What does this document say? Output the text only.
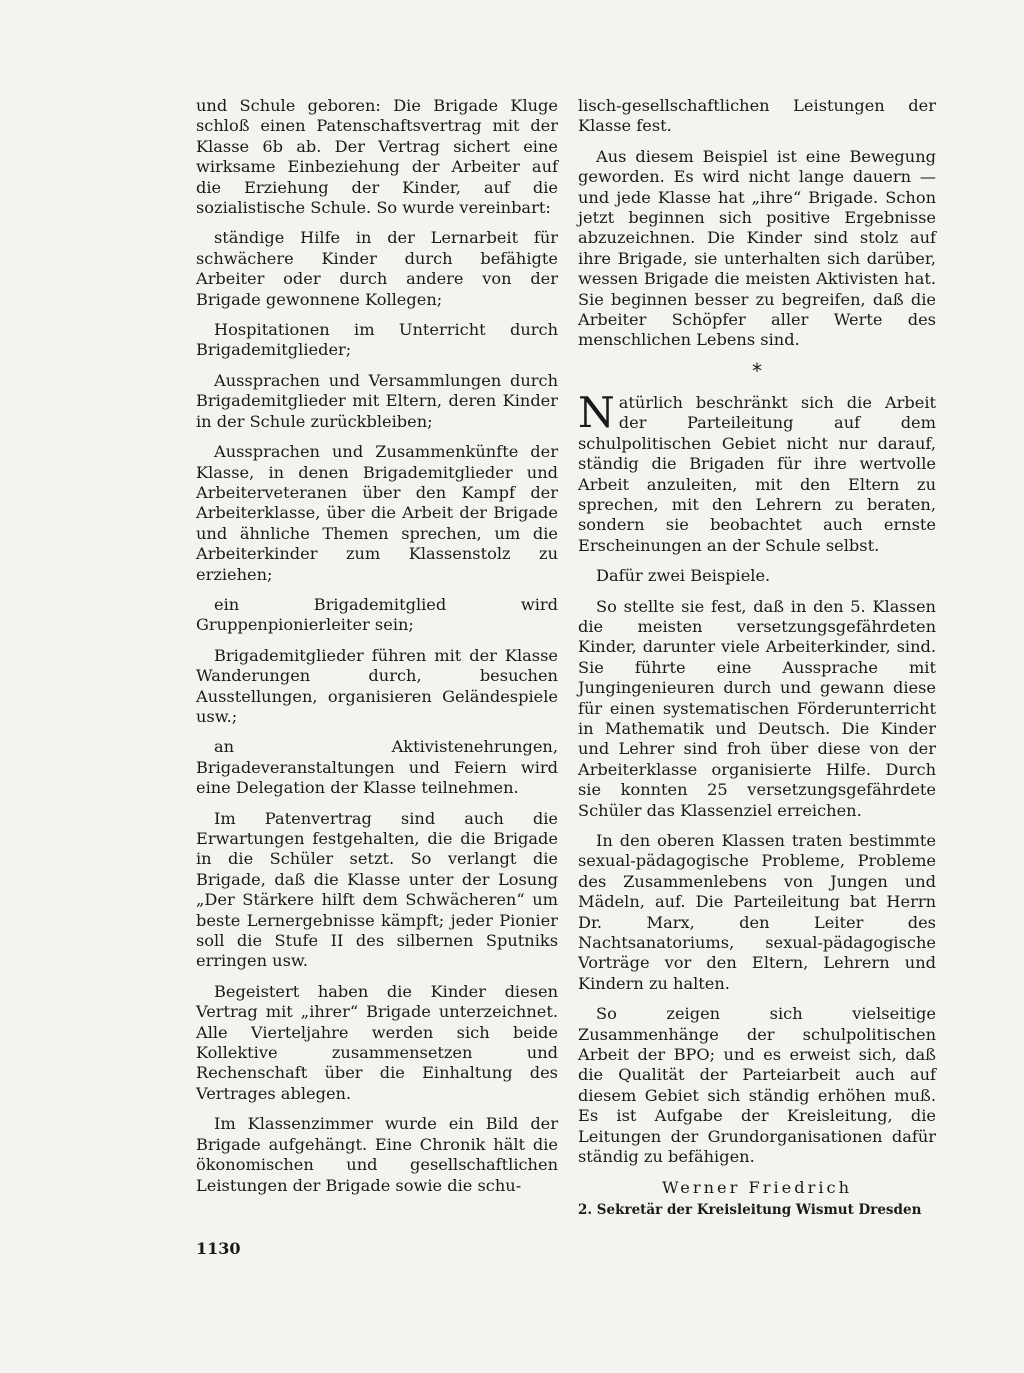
und Schule geboren: Die Brigade Kluge schloß einen Patenschaftsvertrag mit der Klasse 6b ab. Der Vertrag sichert eine wirksame Einbeziehung der Arbeiter auf die Erziehung der Kinder, auf die sozialistische Schule. So wurde vereinbart:

ständige Hilfe in der Lernarbeit für schwächere Kinder durch befähigte Arbeiter oder durch andere von der Brigade gewonnene Kollegen;

Hospitationen im Unterricht durch Brigademitglieder;

Aussprachen und Versammlungen durch Brigademitglieder mit Eltern, deren Kinder in der Schule zurückbleiben;

Aussprachen und Zusammenkünfte der Klasse, in denen Brigademitglieder und Arbeiterveteranen über den Kampf der Arbeiterklasse, über die Arbeit der Brigade und ähnliche Themen sprechen, um die Arbeiterkinder zum Klassenstolz zu erziehen;

ein Brigademitglied wird Gruppenpionierleiter sein;

Brigademitglieder führen mit der Klasse Wanderungen durch, besuchen Ausstellungen, organisieren Geländespiele usw.;

an Aktivistenehrungen, Brigadeveranstaltungen und Feiern wird eine Delegation der Klasse teilnehmen.

Im Patenvertrag sind auch die Erwartungen festgehalten, die die Brigade in die Schüler setzt. So verlangt die Brigade, daß die Klasse unter der Losung „Der Stärkere hilft dem Schwächeren“ um beste Lernergebnisse kämpft; jeder Pionier soll die Stufe II des silbernen Sputniks erringen usw.

Begeistert haben die Kinder diesen Vertrag mit „ihrer“ Brigade unterzeichnet. Alle Vierteljahre werden sich beide Kollektive zusammensetzen und Rechenschaft über die Einhaltung des Vertrages ablegen.

Im Klassenzimmer wurde ein Bild der Brigade aufgehängt. Eine Chronik hält die ökonomischen und gesellschaftlichen Leistungen der Brigade sowie die schu-

lisch-gesellschaftlichen Leistungen der Klasse fest.

Aus diesem Beispiel ist eine Bewegung geworden. Es wird nicht lange dauern — und jede Klasse hat „ihre“ Brigade. Schon jetzt beginnen sich positive Ergebnisse abzuzeichnen. Die Kinder sind stolz auf ihre Brigade, sie unterhalten sich darüber, wessen Brigade die meisten Aktivisten hat. Sie beginnen besser zu begreifen, daß die Arbeiter Schöpfer aller Werte des menschlichen Lebens sind.

*

Natürlich beschränkt sich die Arbeit der Parteileitung auf dem schulpolitischen Gebiet nicht nur darauf, ständig die Brigaden für ihre wertvolle Arbeit anzuleiten, mit den Eltern zu sprechen, mit den Lehrern zu beraten, sondern sie beobachtet auch ernste Erscheinungen an der Schule selbst.

Dafür zwei Beispiele.

So stellte sie fest, daß in den 5. Klassen die meisten versetzungsgefährdeten Kinder, darunter viele Arbeiterkinder, sind. Sie führte eine Aussprache mit Jungingenieuren durch und gewann diese für einen systematischen Förderunterricht in Mathematik und Deutsch. Die Kinder und Lehrer sind froh über diese von der Arbeiterklasse organisierte Hilfe. Durch sie konnten 25 versetzungsgefährdete Schüler das Klassenziel erreichen.

In den oberen Klassen traten bestimmte sexual-pädagogische Probleme, Probleme des Zusammenlebens von Jungen und Mädeln, auf. Die Parteileitung bat Herrn Dr. Marx, den Leiter des Nachtsanatoriums, sexual-pädagogische Vorträge vor den Eltern, Lehrern und Kindern zu halten.

So zeigen sich vielseitige Zusammenhänge der schulpolitischen Arbeit der BPO; und es erweist sich, daß die Qualität der Parteiarbeit auch auf diesem Gebiet sich ständig erhöhen muß. Es ist Aufgabe der Kreisleitung, die Leitungen der Grundorganisationen dafür ständig zu befähigen.

Werner Friedrich
2. Sekretär der Kreisleitung Wismut Dresden
1130
